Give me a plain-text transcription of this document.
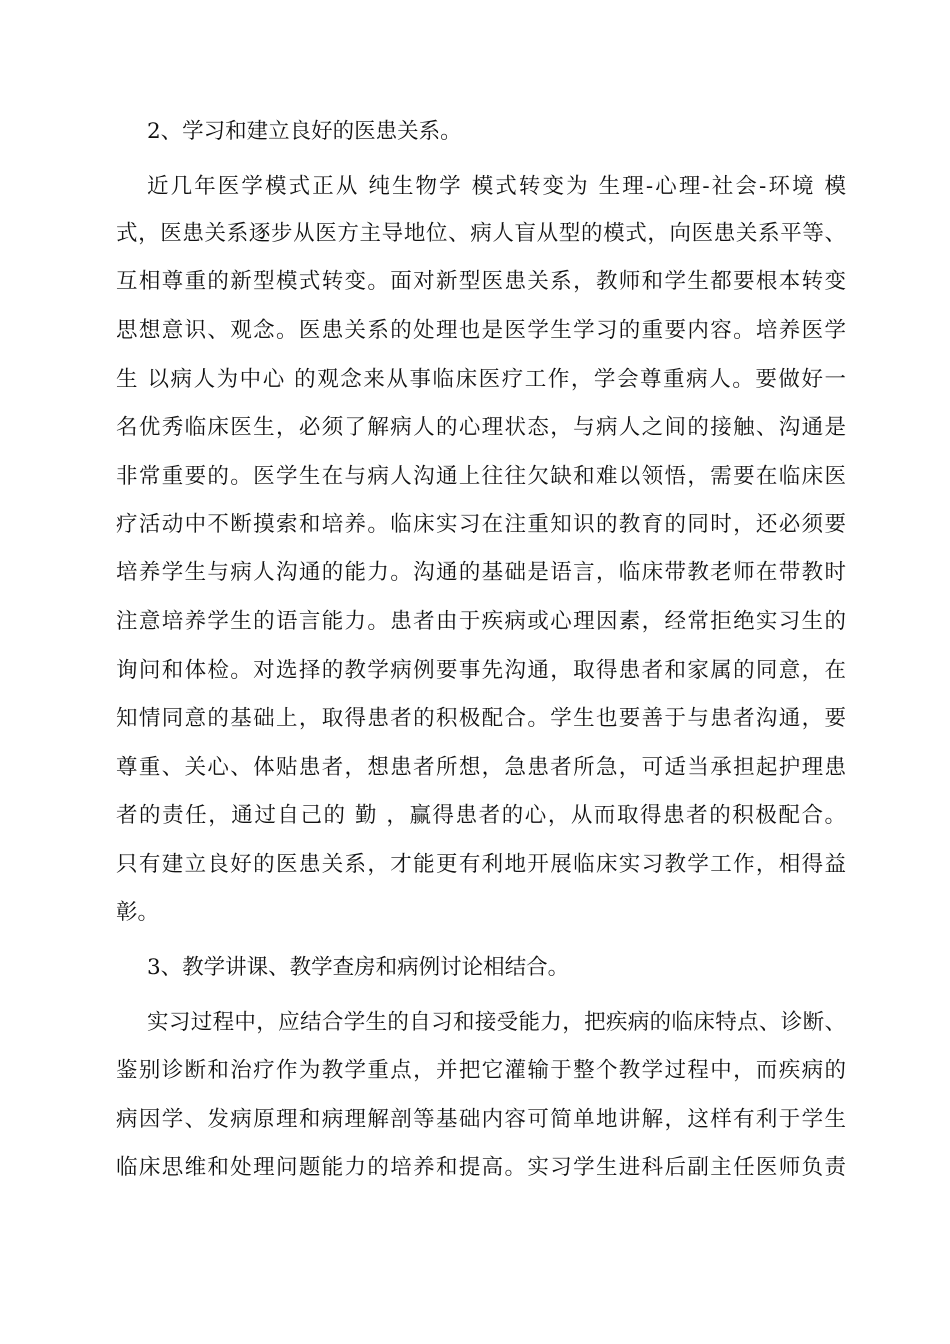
2、学习和建立良好的医患关系。

近几年医学模式正从 纯生物学 模式转变为 生理-心理-社会-环境 模

式，医患关系逐步从医方主导地位、病人盲从型的模式，向医患关系平等、

互相尊重的新型模式转变。面对新型医患关系，教师和学生都要根本转变

思想意识、观念。医患关系的处理也是医学生学习的重要内容。培养医学

生 以病人为中心 的观念来从事临床医疗工作，学会尊重病人。要做好一

名优秀临床医生，必须了解病人的心理状态，与病人之间的接触、沟通是

非常重要的。医学生在与病人沟通上往往欠缺和难以领悟，需要在临床医

疗活动中不断摸索和培养。临床实习在注重知识的教育的同时，还必须要

培养学生与病人沟通的能力。沟通的基础是语言，临床带教老师在带教时

注意培养学生的语言能力。患者由于疾病或心理因素，经常拒绝实习生的

询问和体检。对选择的教学病例要事先沟通，取得患者和家属的同意，在

知情同意的基础上，取得患者的积极配合。学生也要善于与患者沟通，要

尊重、关心、体贴患者，想患者所想，急患者所急，可适当承担起护理患

者的责任，通过自己的 勤 ，赢得患者的心，从而取得患者的积极配合。

只有建立良好的医患关系，才能更有利地开展临床实习教学工作，相得益

彰。

3、教学讲课、教学查房和病例讨论相结合。

实习过程中，应结合学生的自习和接受能力，把疾病的临床特点、诊断、

鉴别诊断和治疗作为教学重点，并把它灌输于整个教学过程中，而疾病的

病因学、发病原理和病理解剖等基础内容可简单地讲解，这样有利于学生

临床思维和处理问题能力的培养和提高。实习学生进科后副主任医师负责
